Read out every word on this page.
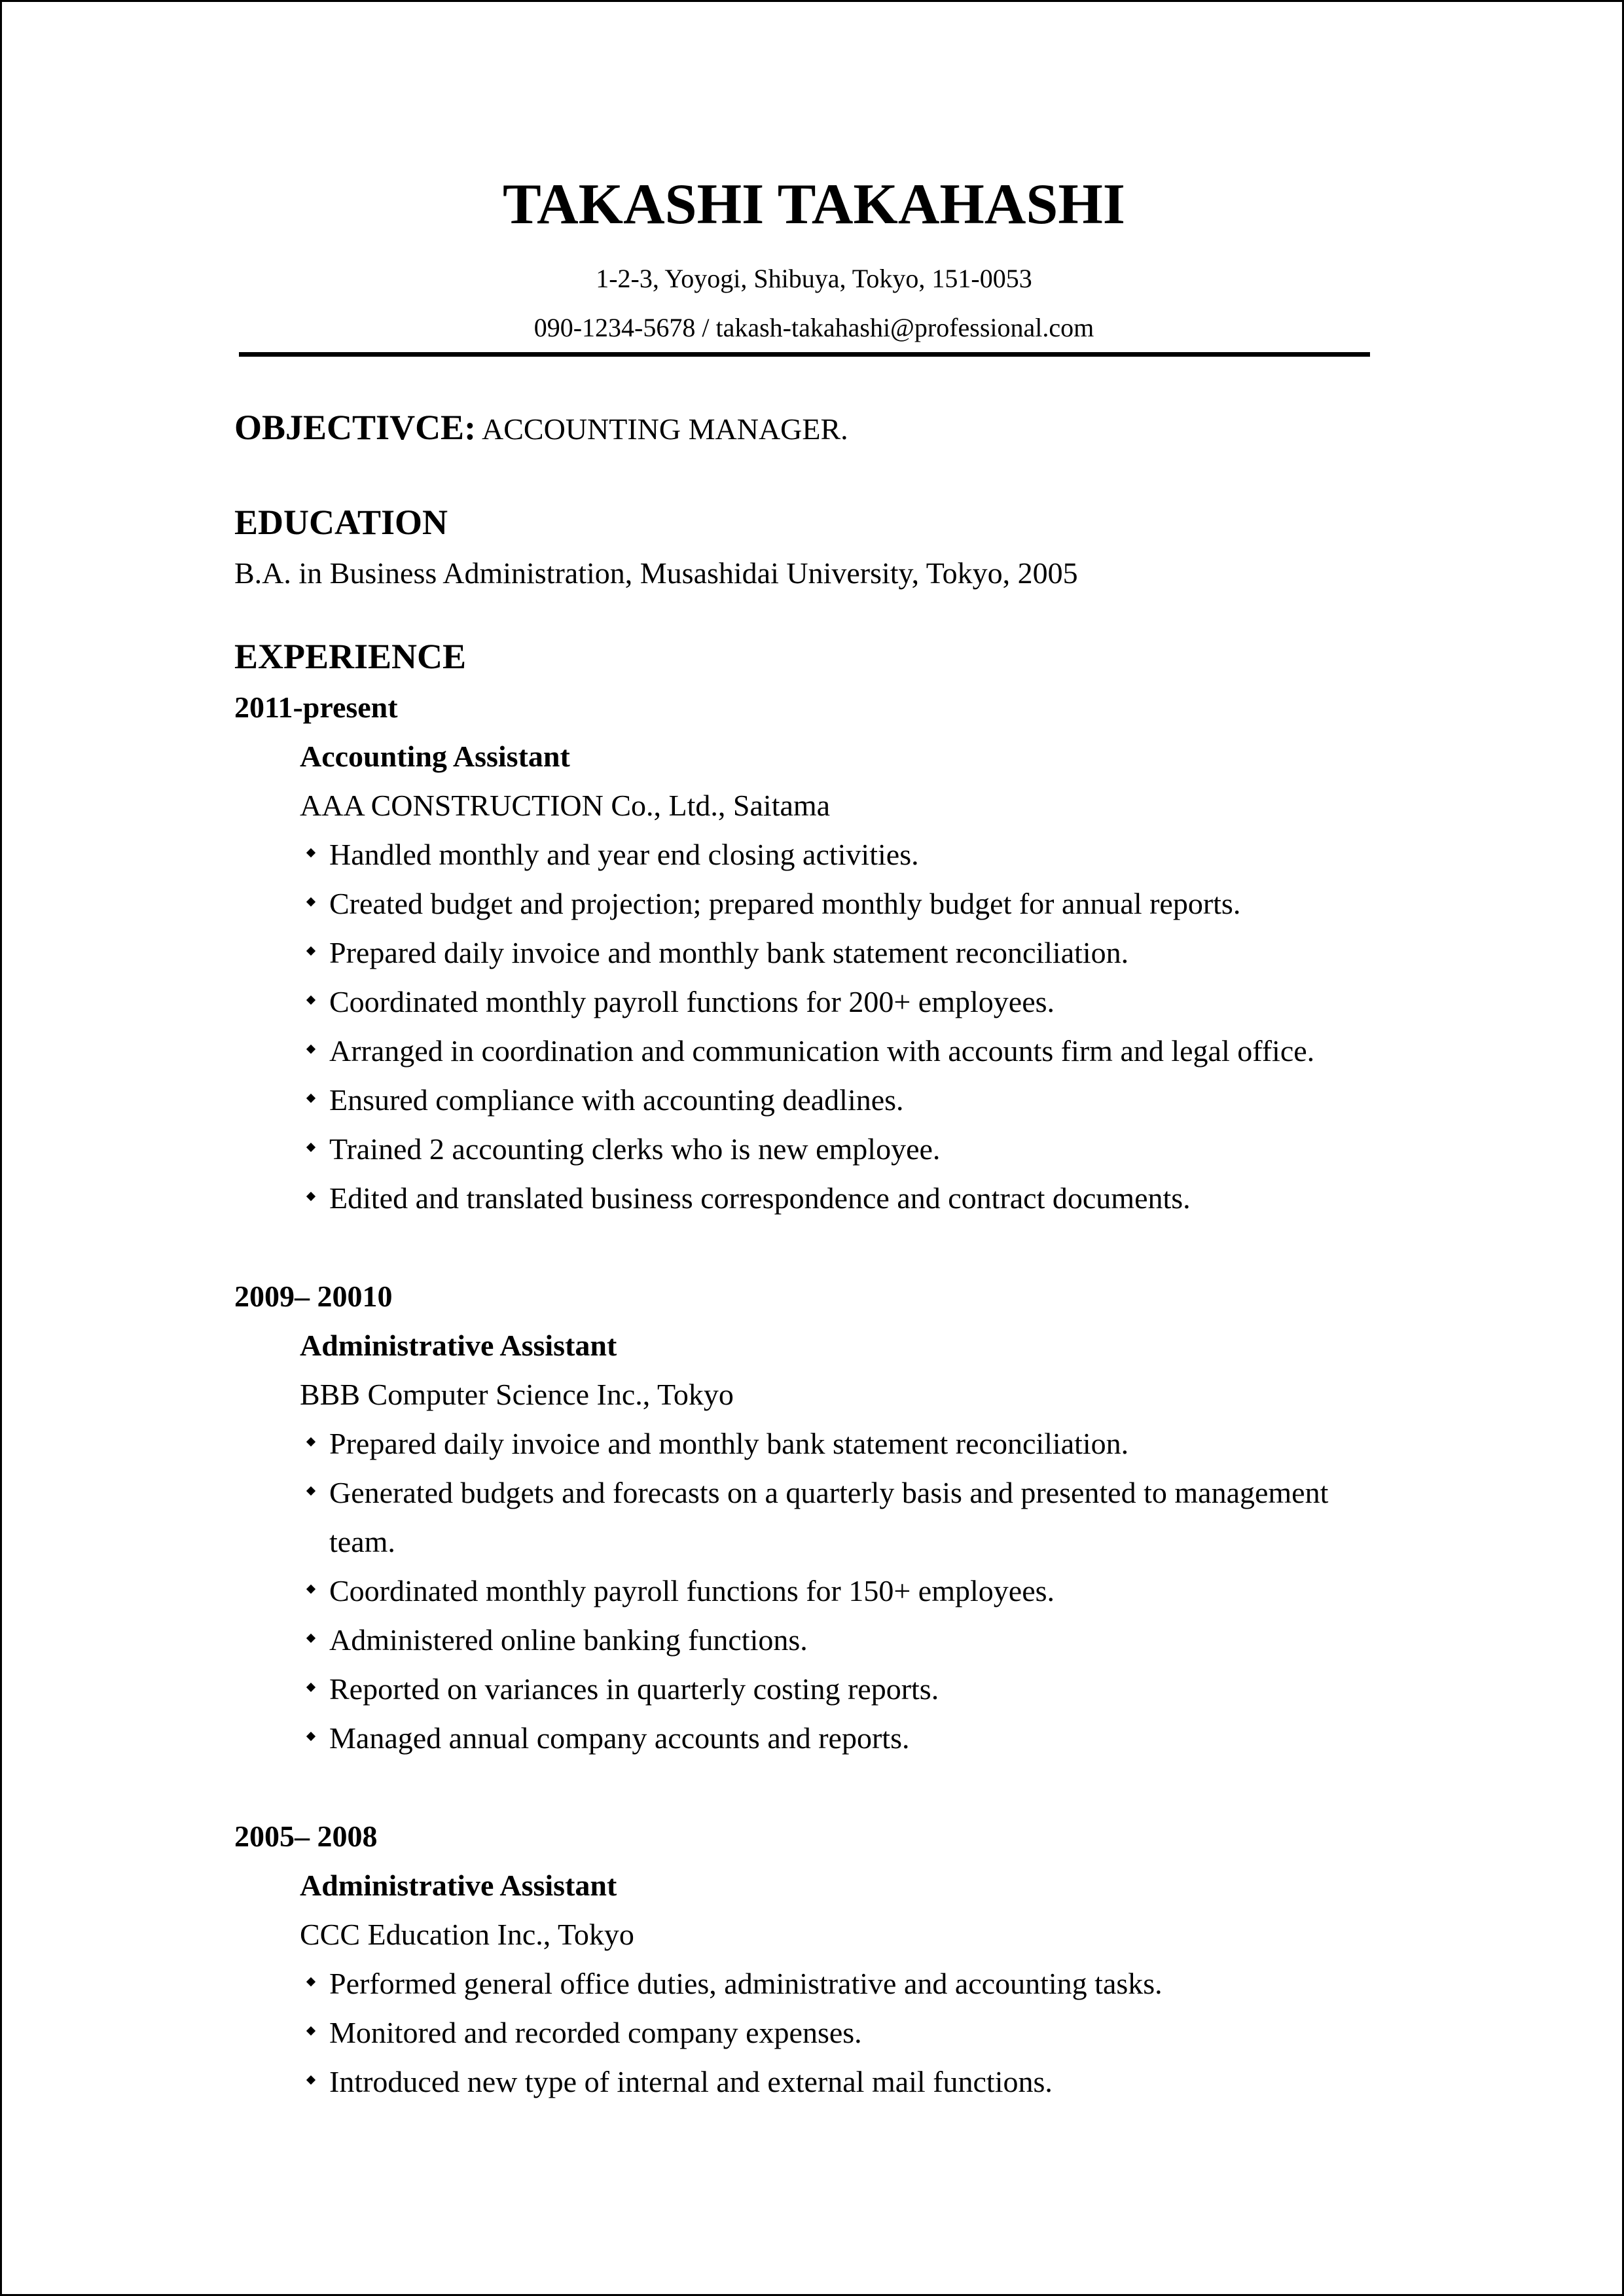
TAKASHI TAKAHASHI
1-2-3, Yoyogi, Shibuya, Tokyo, 151-0053
090-1234-5678 / takash-takahashi@professional.com
OBJECTIVCE: ACCOUNTING MANAGER.
EDUCATION
B.A. in Business Administration, Musashidai University, Tokyo, 2005
EXPERIENCE
2011-present
Accounting Assistant
AAA CONSTRUCTION Co., Ltd., Saitama
Handled monthly and year end closing activities.
Created budget and projection; prepared monthly budget for annual reports.
Prepared daily invoice and monthly bank statement reconciliation.
Coordinated monthly payroll functions for 200+ employees.
Arranged in coordination and communication with accounts firm and legal office.
Ensured compliance with accounting deadlines.
Trained 2 accounting clerks who is new employee.
Edited and translated business correspondence and contract documents.
2009– 20010
Administrative Assistant
BBB Computer Science Inc., Tokyo
Prepared daily invoice and monthly bank statement reconciliation.
Generated budgets and forecasts on a quarterly basis and presented to management
team.
Coordinated monthly payroll functions for 150+ employees.
Administered online banking functions.
Reported on variances in quarterly costing reports.
Managed annual company accounts and reports.
2005– 2008
Administrative Assistant
CCC Education Inc., Tokyo
Performed general office duties, administrative and accounting tasks.
Monitored and recorded company expenses.
Introduced new type of internal and external mail functions.
